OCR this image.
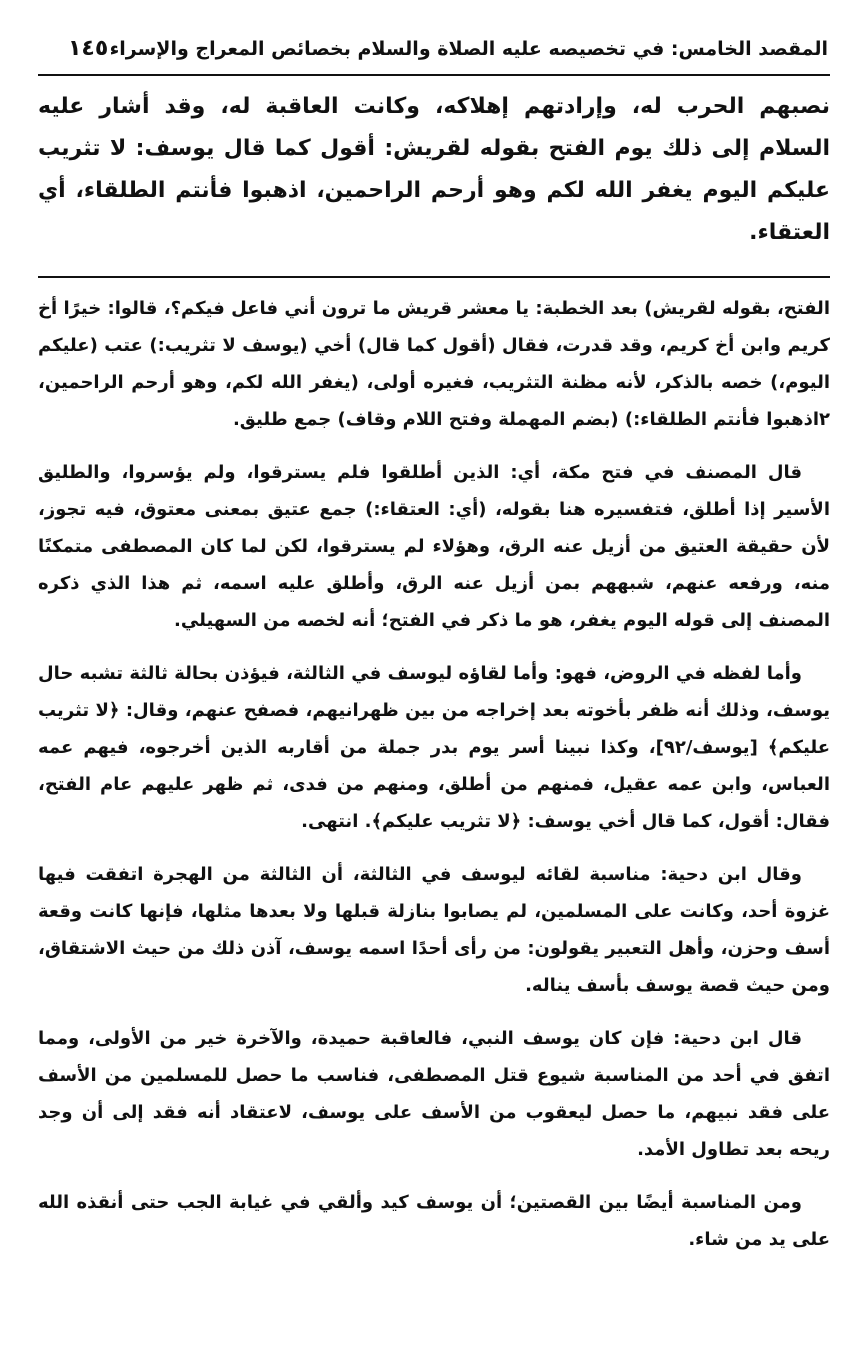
المقصد الخامس: في تخصيصه عليه الصلاة والسلام بخصائص المعراج والإسراء
١٤٥
نصبهم الحرب له، وإرادتهم إهلاكه، وكانت العاقبة له، وقد أشار عليه السلام إلى ذلك يوم الفتح بقوله لقريش: أقول كما قال يوسف: لا تثريب عليكم اليوم يغفر الله لكم وهو أرحم الراحمين، اذهبوا فأنتم الطلقاء، أي العتقاء.

الفتح، بقوله لقريش) بعد الخطبة: يا معشر قريش ما ترون أني فاعل فيكم؟، قالوا: خيرًا أخ كريم وابن أخ كريم، وقد قدرت، فقال (أقول كما قال) أخي (يوسف لا تثريب:) عتب (عليكم اليوم،) خصه بالذكر، لأنه مظنة التثريب، فغيره أولى، (يغفر الله لكم، وهو أرحم الراحمين، ٢اذهبوا فأنتم الطلقاء:) (بضم المهملة وفتح اللام وقاف) جمع طليق.

قال المصنف في فتح مكة، أي: الذين أطلقوا فلم يسترقوا، ولم يؤسروا، والطليق الأسير إذا أطلق، فتفسيره هنا بقوله، (أي: العتقاء:) جمع عتيق بمعنى معتوق، فيه تجوز، لأن حقيقة العتيق من أزيل عنه الرق، وهؤلاء لم يسترقوا، لكن لما كان المصطفى متمكنًا منه، ورفعه عنهم، شبههم بمن أزيل عنه الرق، وأطلق عليه اسمه، ثم هذا الذي ذكره المصنف إلى قوله اليوم يغفر، هو ما ذكر في الفتح؛ أنه لخصه من السهيلي.

وأما لفظه في الروض، فهو: وأما لقاؤه ليوسف في الثالثة، فيؤذن بحالة ثالثة تشبه حال يوسف، وذلك أنه ظفر بأخوته بعد إخراجه من بين ظهرانيهم، فصفح عنهم، وقال: ﴿لا تثريب عليكم﴾ [يوسف/٩٢]، وكذا نبينا أسر يوم بدر جملة من أقاربه الذين أخرجوه، فيهم عمه العباس، وابن عمه عقيل، فمنهم من أطلق، ومنهم من فدى، ثم ظهر عليهم عام الفتح، فقال: أقول، كما قال أخي يوسف: ﴿لا تثريب عليكم﴾. انتهى.

وقال ابن دحية: مناسبة لقائه ليوسف في الثالثة، أن الثالثة من الهجرة اتفقت فيها غزوة أحد، وكانت على المسلمين، لم يصابوا بنازلة قبلها ولا بعدها مثلها، فإنها كانت وقعة أسف وحزن، وأهل التعبير يقولون: من رأى أحدًا اسمه يوسف، آذن ذلك من حيث الاشتقاق، ومن حيث قصة يوسف بأسف يناله.

قال ابن دحية: فإن كان يوسف النبي، فالعاقبة حميدة، والآخرة خير من الأولى، ومما اتفق في أحد من المناسبة شيوع قتل المصطفى، فناسب ما حصل للمسلمين من الأسف على فقد نبيهم، ما حصل ليعقوب من الأسف على يوسف، لاعتقاد أنه فقد إلى أن وجد ريحه بعد تطاول الأمد.

ومن المناسبة أيضًا بين القصتين؛ أن يوسف كيد وألقي في غيابة الجب حتى أنقذه الله على يد من شاء.
